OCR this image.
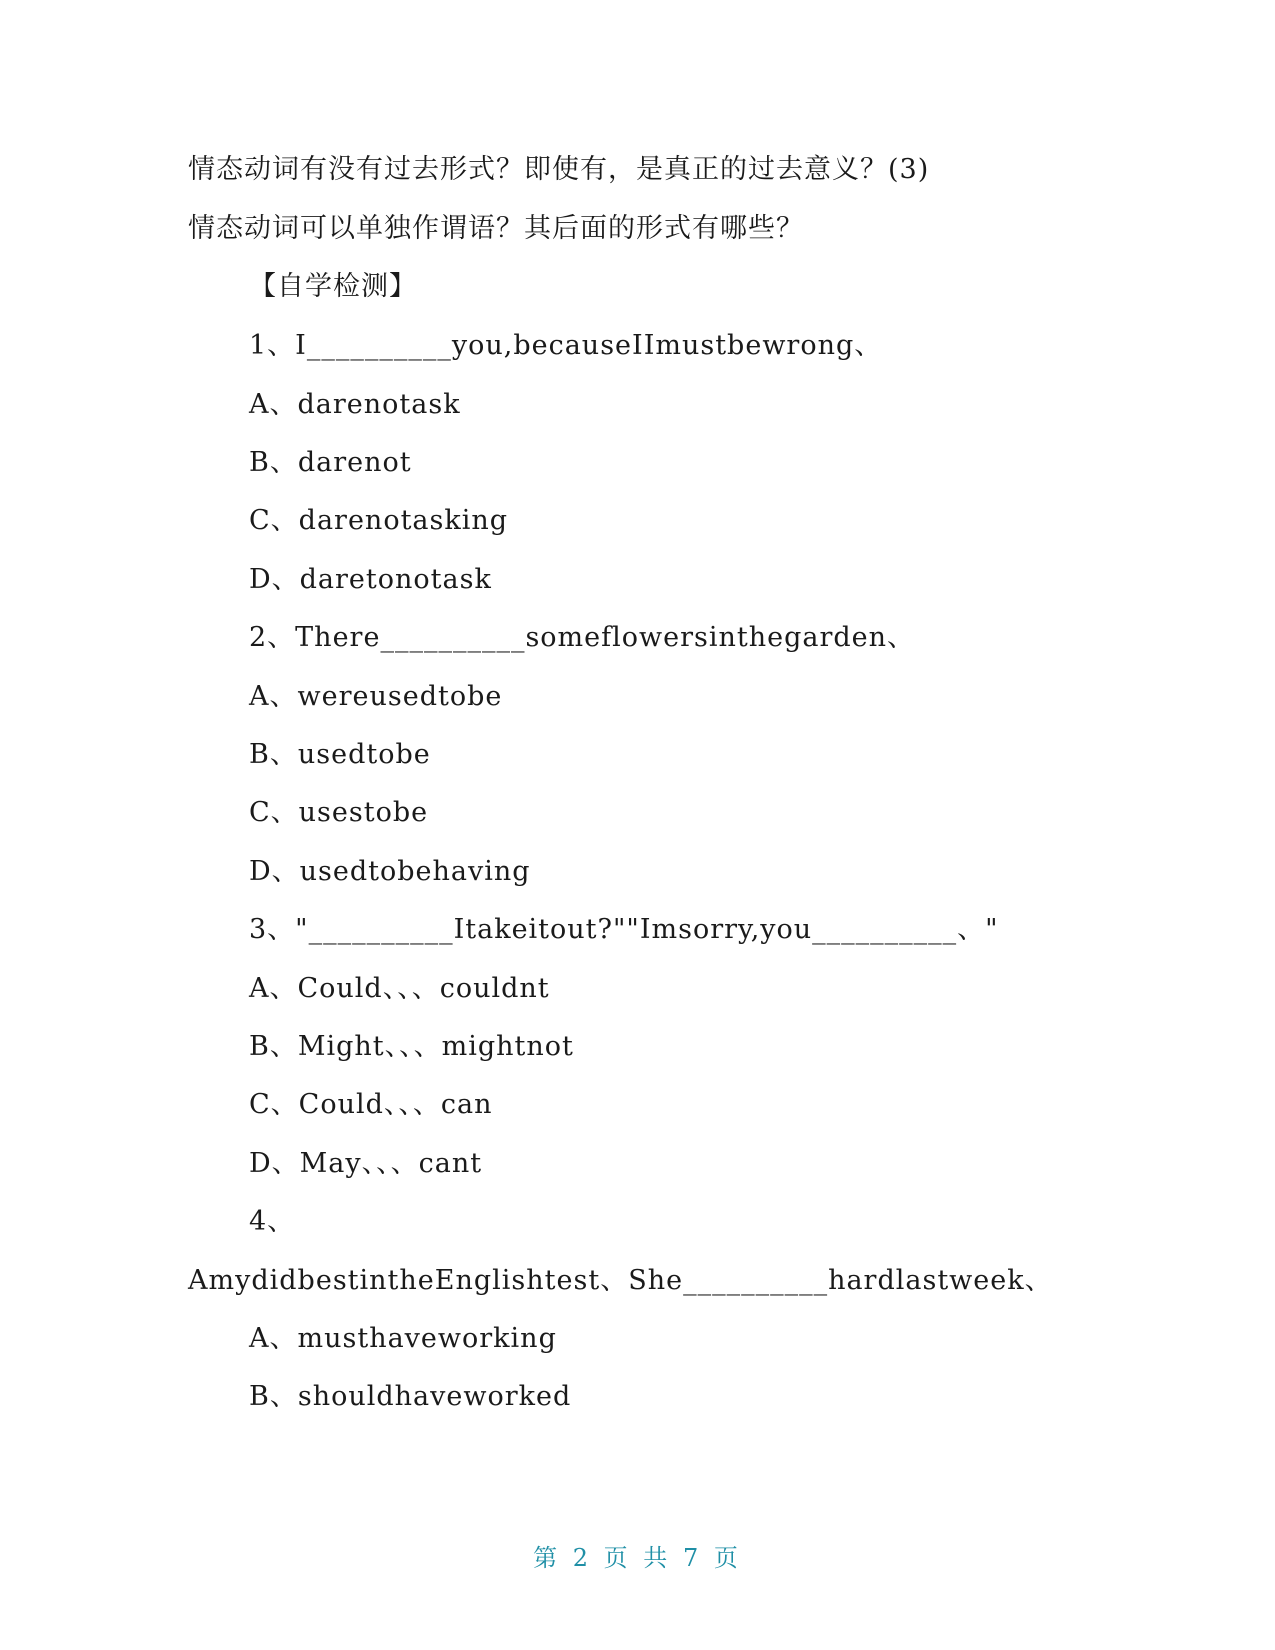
情态动词有没有过去形式？即使有，是真正的过去意义？(3)
情态动词可以单独作谓语？其后面的形式有哪些？
【自学检测】
1、I__________you,becauseIImustbewrong、
A、darenotask
B、darenot
C、darenotasking
D、daretonotask
2、There__________someflowersinthegarden、
A、wereusedtobe
B、usedtobe
C、usestobe
D、usedtobehaving
3、"__________Itakeitout?""Imsorry,you__________、"
A、Could、、、couldnt
B、Might、、、mightnot
C、Could、、、can
D、May、、、cant
4、
AmydidbestintheEnglishtest、She__________hardlastweek、
A、musthaveworking
B、shouldhaveworked
第 2 页 共 7 页
